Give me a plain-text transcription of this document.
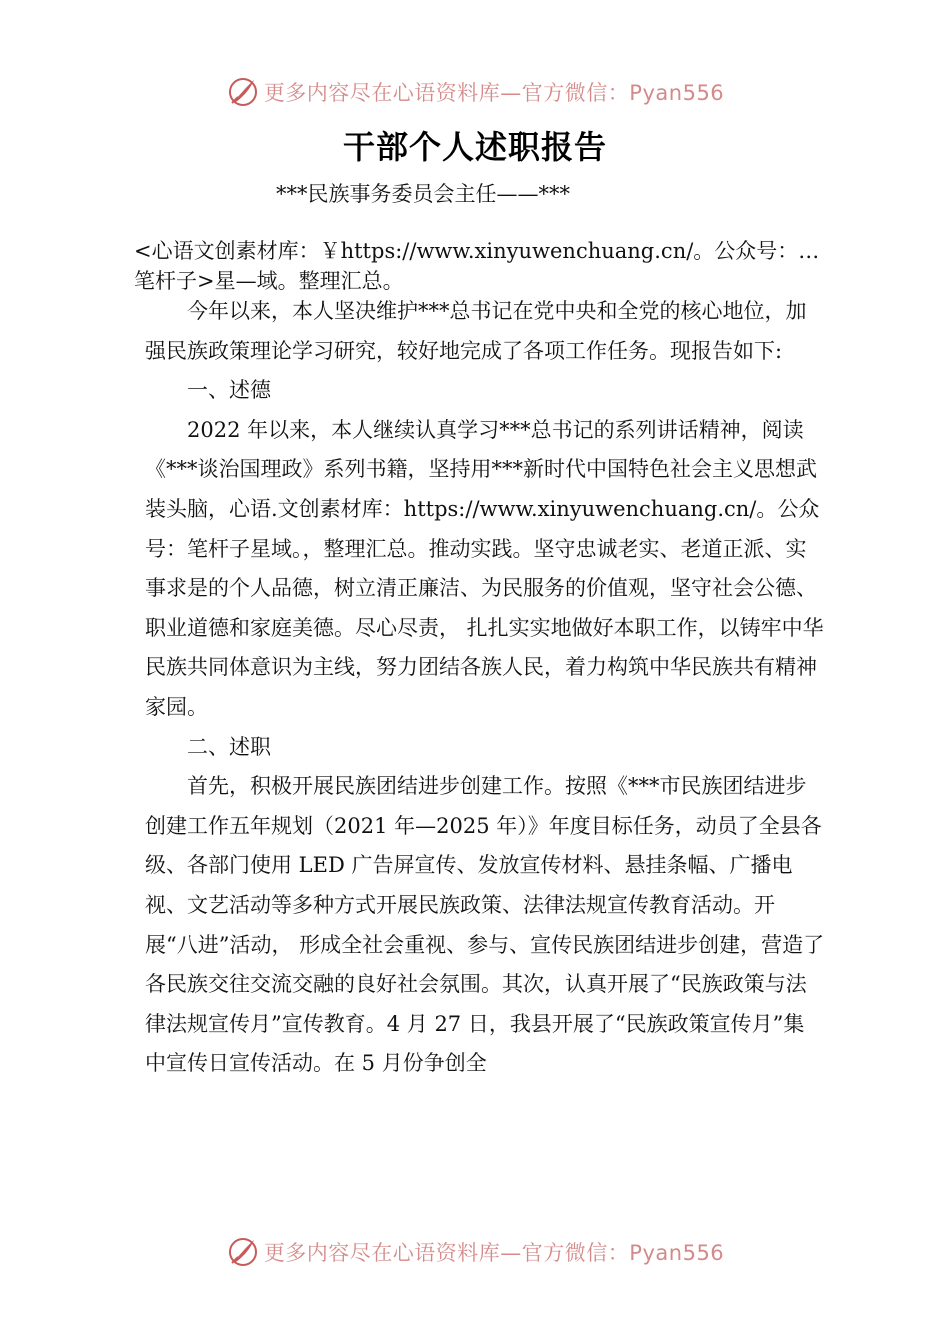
更多内容尽在心语资料库—官方微信：Pyan556
干部个人述职报告
***民族事务委员会主任——***
<心语文创素材库：￥https://www.xinyuwenchuang.cn/。公众号：…笔杆子>星—域。整理汇总。

今年以来，本人坚决维护***总书记在党中央和全党的核心地位，加强民族政策理论学习研究，较好地完成了各项工作任务。现报告如下:

一、述德

2022 年以来，本人继续认真学习***总书记的系列讲话精神，阅读《***谈治国理政》系列书籍，坚持用***新时代中国特色社会主义思想武装头脑，心语.文创素材库：https://www.xinyuwenchuang.cn/。公众号：笔杆子星域。，整理汇总。推动实践。坚守忠诚老实、老道正派、实事求是的个人品德，树立清正廉洁、为民服务的价值观，坚守社会公德、职业道德和家庭美德。尽心尽责， 扎扎实实地做好本职工作，以铸牢中华民族共同体意识为主线，努力团结各族人民，着力构筑中华民族共有精神家园。

二、述职

首先，积极开展民族团结进步创建工作。按照《***市民族团结进步创建工作五年规划（2021 年—2025 年）》年度目标任务，动员了全县各级、各部门使用 LED 广告屏宣传、发放宣传材料、悬挂条幅、广播电视、文艺活动等多种方式开展民族政策、法律法规宣传教育活动。开展“八进”活动， 形成全社会重视、参与、宣传民族团结进步创建，营造了各民族交往交流交融的良好社会氛围。其次，认真开展了“民族政策与法律法规宣传月”宣传教育。4 月 27 日，我县开展了“民族政策宣传月”集中宣传日宣传活动。在 5 月份争创全

更多内容尽在心语资料库—官方微信：Pyan556
